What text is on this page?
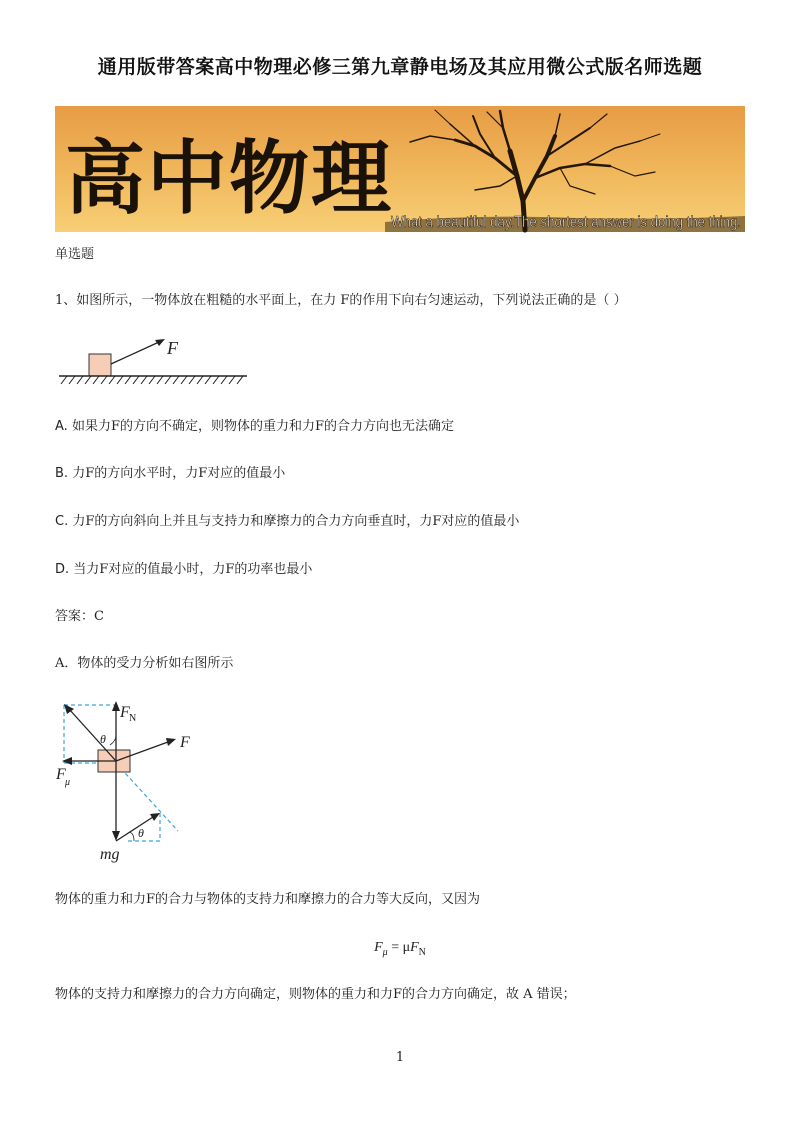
通用版带答案高中物理必修三第九章静电场及其应用微公式版名师选题
高中物理
What a beautiful day.The shortest answer is doing the thing.
单选题
1、如图所示，一物体放在粗糙的水平面上，在力 F的作用下向右匀速运动，下列说法正确的是（ ）
F
A. 如果力F的方向不确定，则物体的重力和力F的合力方向也无法确定
B. 力F的方向水平时，力F对应的值最小
C. 力F的方向斜向上并且与支持力和摩擦力的合力方向垂直时，力F对应的值最小
D. 当力F对应的值最小时，力F的功率也最小
答案：C
A．物体的受力分析如右图所示
F N
F
F μ
mg
θ
θ
物体的重力和力F的合力与物体的支持力和摩擦力的合力等大反向，又因为
$F_\mu = \mu F_N$
物体的支持力和摩擦力的合力方向确定，则物体的重力和力F的合力方向确定，故 A 错误；
1
